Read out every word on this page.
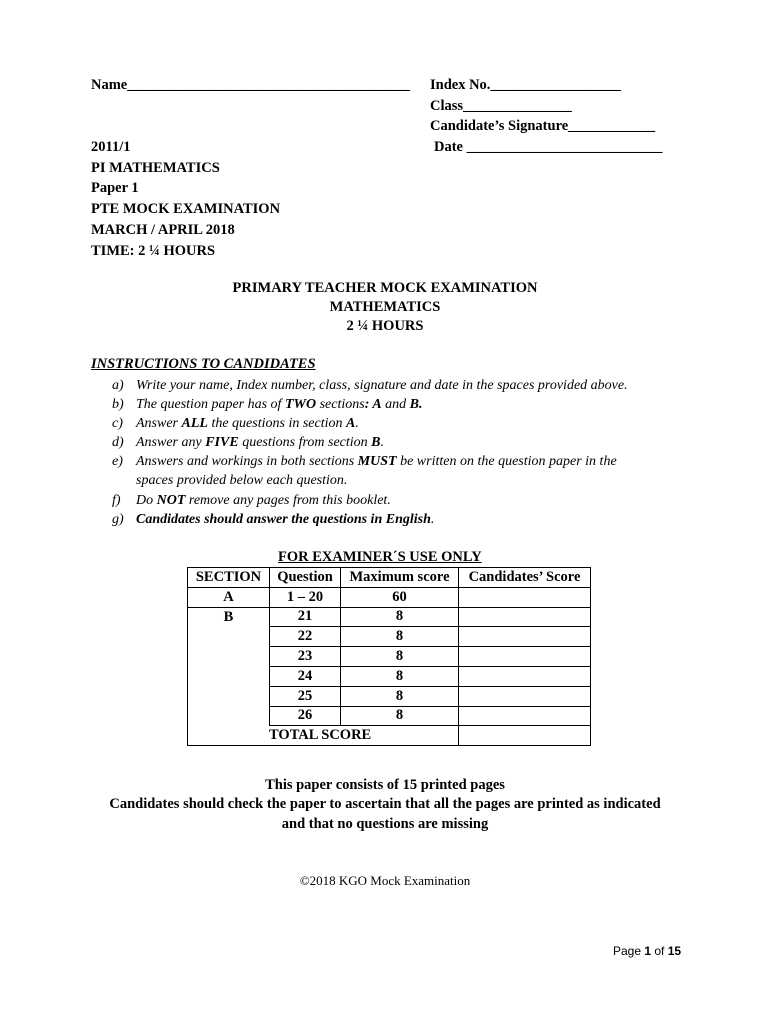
Name_______________________________________ Index No.__________________
Class_______________
Candidate’s Signature____________
Date ___________________________
2011/1
PI MATHEMATICS
Paper 1
PTE MOCK EXAMINATION
MARCH / APRIL 2018
TIME: 2 ¼ HOURS
PRIMARY TEACHER MOCK EXAMINATION
MATHEMATICS
2 ¼ HOURS
INSTRUCTIONS TO CANDIDATES
a) Write your name, Index number, class, signature and date in the spaces provided above.
b) The question paper has of TWO sections: A and B.
c) Answer ALL the questions in section A.
d) Answer any FIVE questions from section B.
e) Answers and workings in both sections MUST be written on the question paper in the
spaces provided below each question.
f) Do NOT remove any pages from this booklet.
g) Candidates should answer the questions in English.
FOR EXAMINER´S USE ONLY
SECTION	Question	Maximum score	Candidates’ Score
A	1 – 20	60	
B	21	8	
	22	8	
	23	8	
	24	8	
	25	8	
	26	8	
TOTAL SCORE			
This paper consists of 15 printed pages
Candidates should check the paper to ascertain that all the pages are printed as indicated
and that no questions are missing
©2018 KGO Mock Examination
Page 1 of 15
